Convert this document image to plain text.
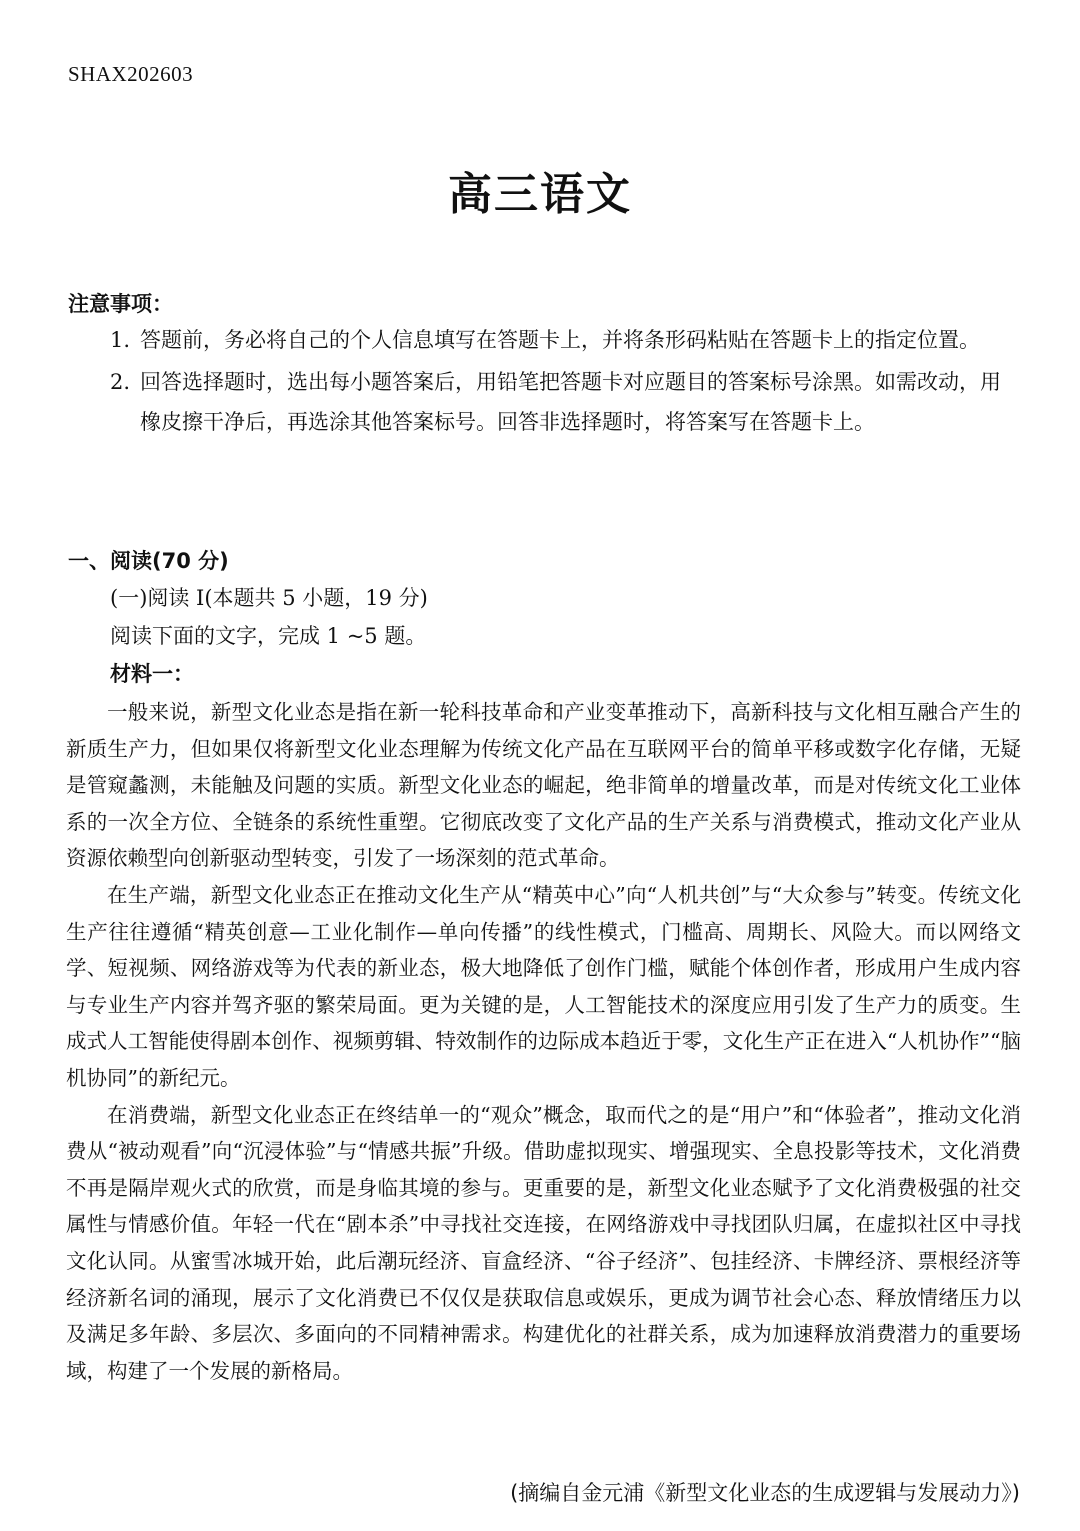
SHAX202603
高三语文
注意事项：
1. 答题前，务必将自己的个人信息填写在答题卡上，并将条形码粘贴在答题卡上的指定位置。
2. 回答选择题时，选出每小题答案后，用铅笔把答题卡对应题目的答案标号涂黑。如需改动，用橡皮擦干净后，再选涂其他答案标号。回答非选择题时，将答案写在答题卡上。
一、阅读(70 分)
(一)阅读 I(本题共 5 小题，19 分)
阅读下面的文字，完成 1 ~5 题。
材料一：

一般来说，新型文化业态是指在新一轮科技革命和产业变革推动下，高新科技与文化相互融合产生的新质生产力，但如果仅将新型文化业态理解为传统文化产品在互联网平台的简单平移或数字化存储，无疑是管窥蠡测，未能触及问题的实质。新型文化业态的崛起，绝非简单的增量改革，而是对传统文化工业体系的一次全方位、全链条的系统性重塑。它彻底改变了文化产品的生产关系与消费模式，推动文化产业从资源依赖型向创新驱动型转变，引发了一场深刻的范式革命。

在生产端，新型文化业态正在推动文化生产从“精英中心”向“人机共创”与“大众参与”转变。传统文化生产往往遵循“精英创意—工业化制作—单向传播”的线性模式，门槛高、周期长、风险大。而以网络文学、短视频、网络游戏等为代表的新业态，极大地降低了创作门槛，赋能个体创作者，形成用户生成内容与专业生产内容并驾齐驱的繁荣局面。更为关键的是，人工智能技术的深度应用引发了生产力的质变。生成式人工智能使得剧本创作、视频剪辑、特效制作的边际成本趋近于零，文化生产正在进入“人机协作”“脑机协同”的新纪元。

在消费端，新型文化业态正在终结单一的“观众”概念，取而代之的是“用户”和“体验者”，推动文化消费从“被动观看”向“沉浸体验”与“情感共振”升级。借助虚拟现实、增强现实、全息投影等技术，文化消费不再是隔岸观火式的欣赏，而是身临其境的参与。更重要的是，新型文化业态赋予了文化消费极强的社交属性与情感价值。年轻一代在“剧本杀”中寻找社交连接，在网络游戏中寻找团队归属，在虚拟社区中寻找文化认同。从蜜雪冰城开始，此后潮玩经济、盲盒经济、“谷子经济”、包挂经济、卡牌经济、票根经济等经济新名词的涌现，展示了文化消费已不仅仅是获取信息或娱乐，更成为调节社会心态、释放情绪压力以及满足多年龄、多层次、多面向的不同精神需求。构建优化的社群关系，成为加速释放消费潜力的重要场域，构建了一个发展的新格局。

(摘编自金元浦《新型文化业态的生成逻辑与发展动力》)
